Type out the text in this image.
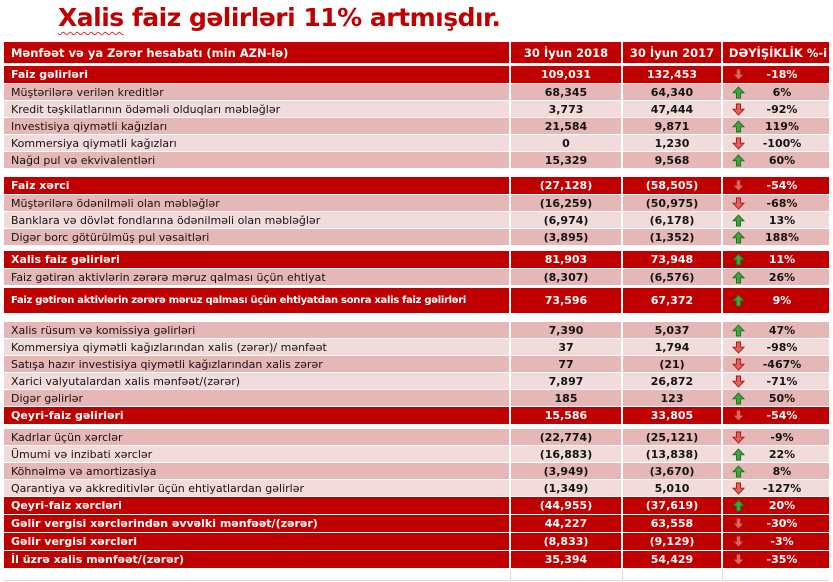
Xalis faiz gəlirləri 11% artmışdır.
Mənfəət və ya Zərər hesabatı (min AZN-lə)	30 İyun 2018	30 İyun 2017	DƏYİŞİKLİK %-i
Faiz gəlirləri	109,031	132,453	-18%
Müştərilərə verilən kreditlər	68,345	64,340	6%
Kredit təşkilatlarının ödəməli olduqları məbləğlər	3,773	47,444	-92%
Investisiya qiymətli kağızları	21,584	9,871	119%
Kommersiya qiymətli kağızları	0	1,230	-100%
Nağd pul və ekvivalentləri	15,329	9,568	60%
Faiz xərci	(27,128)	(58,505)	-54%
Müştərilərə ödənilməli olan məbləğlər	(16,259)	(50,975)	-68%
Banklara və dövlət fondlarına ödənilməli olan məbləğlər	(6,974)	(6,178)	13%
Digər borc götürülmüş pul vəsaitləri	(3,895)	(1,352)	188%
Xalis faiz gəlirləri	81,903	73,948	11%
Faiz gətirən aktivlərin zərərə məruz qalması üçün ehtiyat	(8,307)	(6,576)	26%
Faiz gətirən aktivlərin zərərə məruz qalması üçün ehtiyatdan sonra xalis faiz gəlirləri	73,596	67,372	9%
Xalis rüsum və komissiya gəlirləri	7,390	5,037	47%
Kommersiya qiymətli kağızlarından xalis (zərər)/ mənfəət	37	1,794	-98%
Satışa hazır investisiya qiymətli kağızlarından xalis zərər	77	(21)	-467%
Xarici valyutalardan xalis mənfəət/(zərər)	7,897	26,872	-71%
Digər gəlirlər	185	123	50%
Qeyri-faiz gəlirləri	15,586	33,805	-54%
Kadrlar üçün xərclər	(22,774)	(25,121)	-9%
Ümumi və inzibati xərclər	(16,883)	(13,838)	22%
Köhnəlmə və amortizasiya	(3,949)	(3,670)	8%
Qarantiya və akkreditivlər üçün ehtiyatlardan gəlirlər	(1,349)	5,010	-127%
Qeyri-faiz xərcləri	(44,955)	(37,619)	20%
Gəlir vergisi xərclərindən əvvəlki mənfəət/(zərər)	44,227	63,558	-30%
Gəlir vergisi xərcləri	(8,833)	(9,129)	-3%
İl üzrə xalis mənfəət/(zərər)	35,394	54,429	-35%
